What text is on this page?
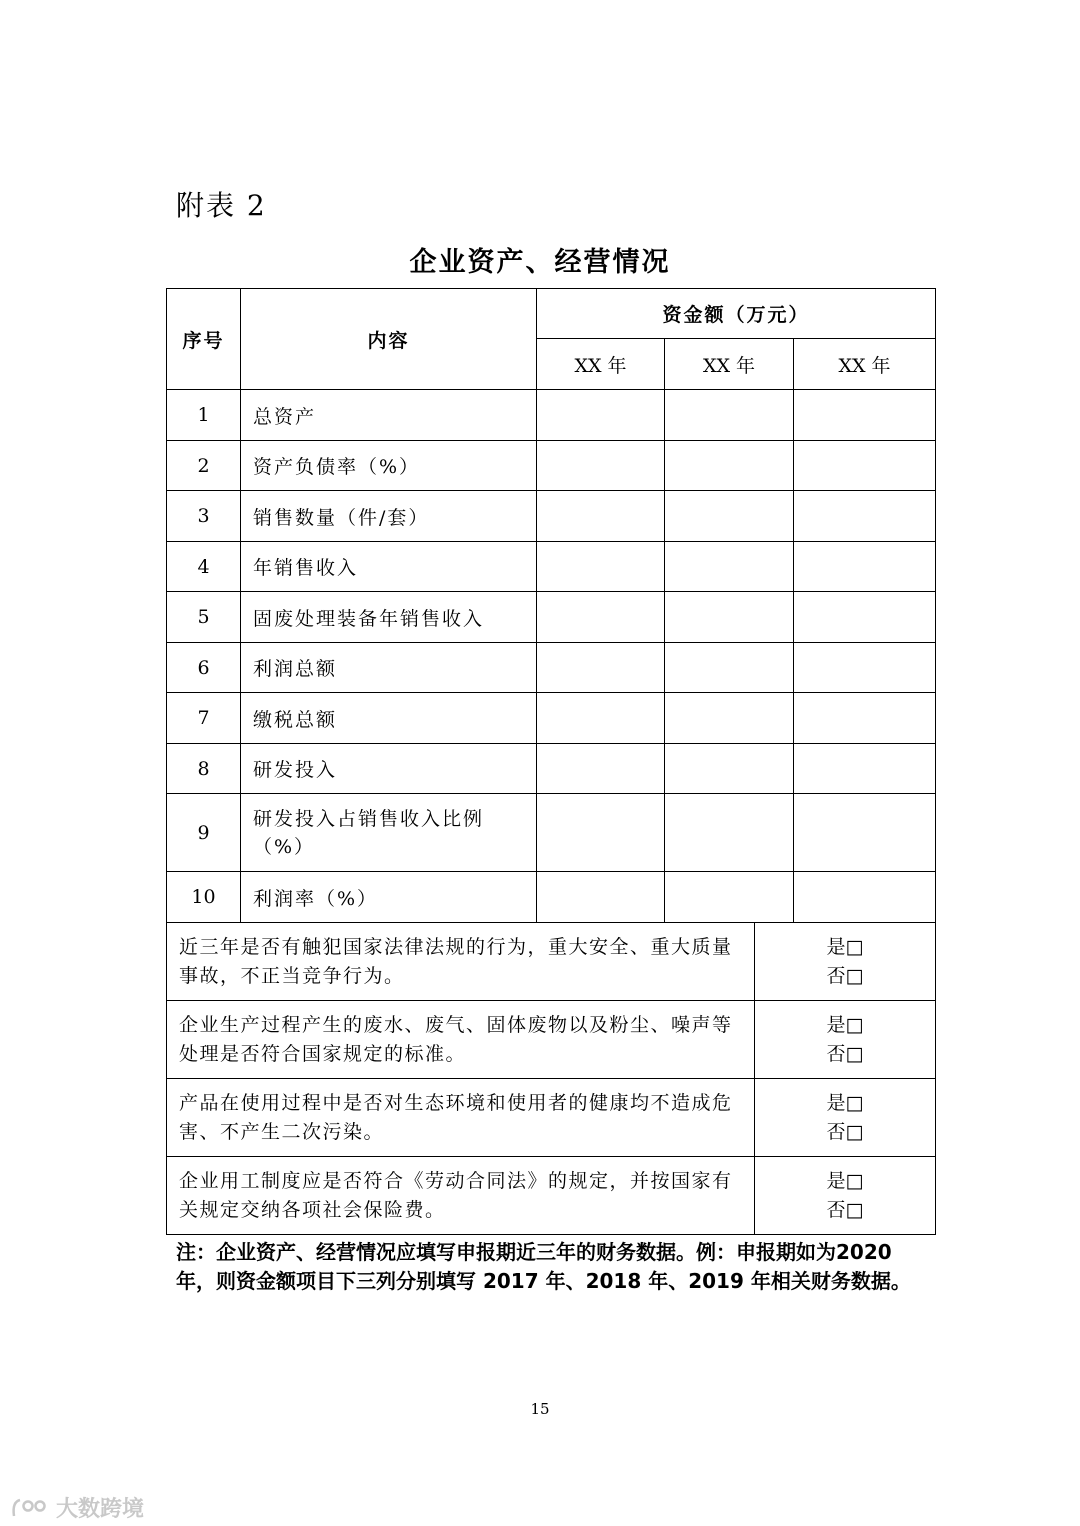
附表 2
企业资产、经营情况
序号	内容	资金额（万元）		
		XX 年	XX 年	XX 年
1	总资产			
2	资产负债率（%）			
3	销售数量（件/套）			
4	年销售收入			
5	固废处理装备年销售收入			
6	利润总额			
7	缴税总额			
8	研发投入			
9	研发投入占销售收入比例（%）			
10	利润率（%）			
近三年是否有触犯国家法律法规的行为，重大安全、重大质量事故，不正当竞争行为。	是□
否□

企业生产过程产生的废水、废气、固体废物以及粉尘、噪声等处理是否符合国家规定的标准。	是□
否□

产品在使用过程中是否对生态环境和使用者的健康均不造成危害、不产生二次污染。	是□
否□

企业用工制度应是否符合《劳动合同法》的规定，并按国家有关规定交纳各项社会保险费。	是□
否□
注：企业资产、经营情况应填写申报期近三年的财务数据。例：申报期如为2020 年，则资金额项目下三列分别填写 2017 年、2018 年、2019 年相关财务数据。
15
大数跨境
